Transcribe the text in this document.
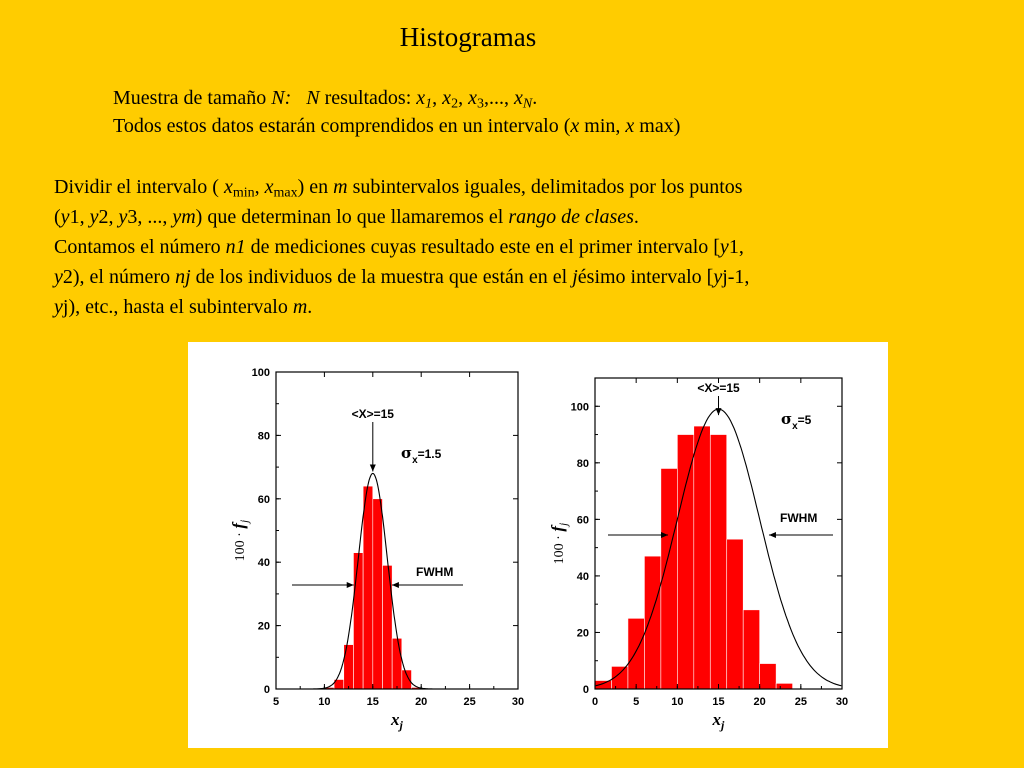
Histogramas
Muestra de tamaño N: N resultados: $x_1$, $x_2$, $x_3$,..., $x_N$.
Todos estos datos estarán comprendidos en un intervalo (x min, x max)

Dividir el intervalo ( $x_{min}$, $x_{max}$) en m subintervalos iguales, delimitados por los puntos

(y1, y2, y3, ..., ym) que determinan lo que llamaremos el rango de clases.

Contamos el número n1 de mediciones cuyas resultado este en el primer intervalo [y1,

y2), el número nj de los individuos de la muestra que están en el jésimo intervalo [yj-1,

yj), etc., hasta el subintervalo m.

5	10	15	20	25	30
0
20
40
60
80
100
$x_j$
100 · fj
<X>=15
$\sigma_x^{=1.5}$
FWHM
0	5	10	15	20	25	30
0
20
40
60
80
100
$x_j$
100 · fj
<X>=15
$\sigma_x^{=5}$
FWHM
